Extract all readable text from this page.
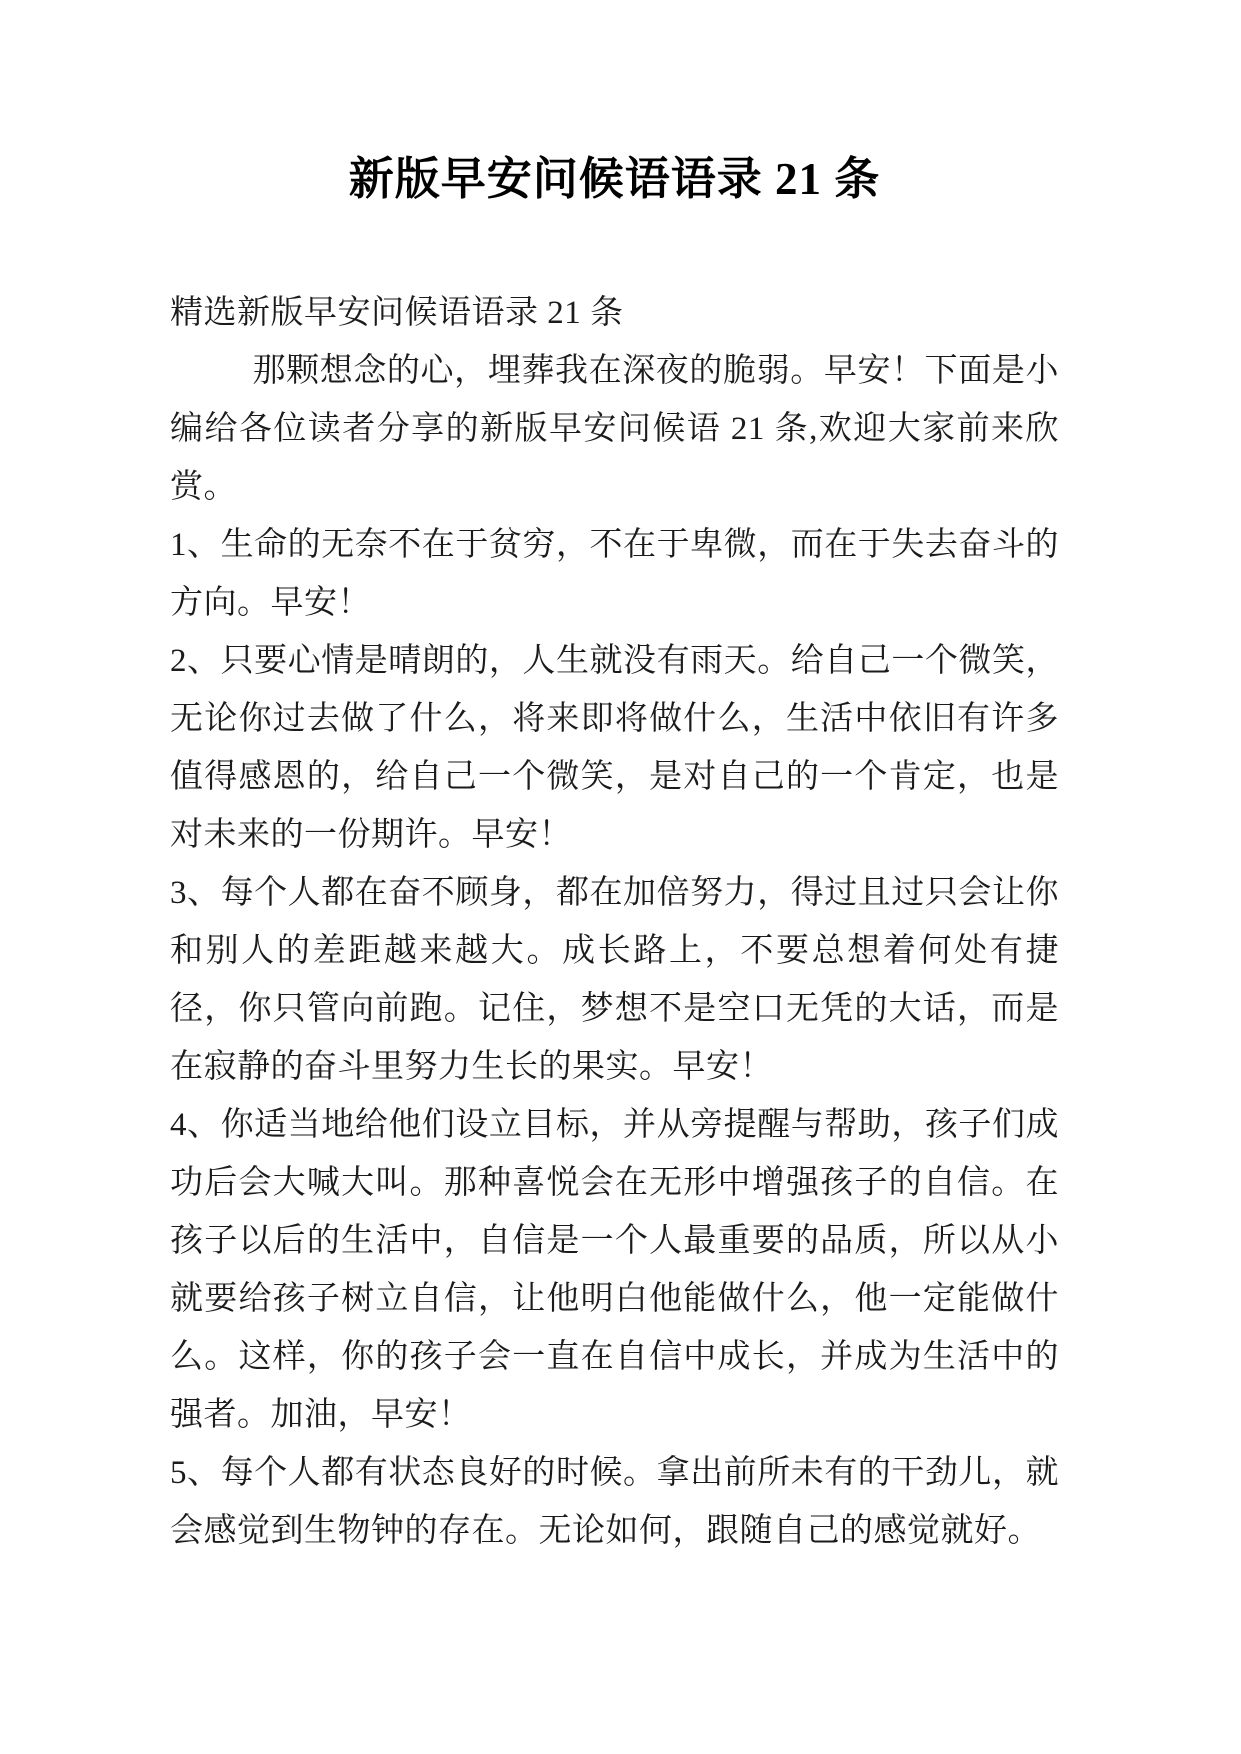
新版早安问候语语录 21 条

精选新版早安问候语语录 21 条

那颗想念的心，埋葬我在深夜的脆弱。早安！下面是小编给各位读者分享的新版早安问候语 21 条,欢迎大家前来欣赏。

1、生命的无奈不在于贫穷，不在于卑微，而在于失去奋斗的方向。早安！

2、只要心情是晴朗的，人生就没有雨天。给自己一个微笑，无论你过去做了什么，将来即将做什么，生活中依旧有许多值得感恩的，给自己一个微笑，是对自己的一个肯定，也是对未来的一份期许。早安！

3、每个人都在奋不顾身，都在加倍努力，得过且过只会让你和别人的差距越来越大。成长路上，不要总想着何处有捷径，你只管向前跑。记住，梦想不是空口无凭的大话，而是在寂静的奋斗里努力生长的果实。早安！

4、你适当地给他们设立目标，并从旁提醒与帮助，孩子们成功后会大喊大叫。那种喜悦会在无形中增强孩子的自信。在孩子以后的生活中，自信是一个人最重要的品质，所以从小就要给孩子树立自信，让他明白他能做什么，他一定能做什么。这样，你的孩子会一直在自信中成长，并成为生活中的强者。加油，早安！

5、每个人都有状态良好的时候。拿出前所未有的干劲儿，就会感觉到生物钟的存在。无论如何，跟随自己的感觉就好。
